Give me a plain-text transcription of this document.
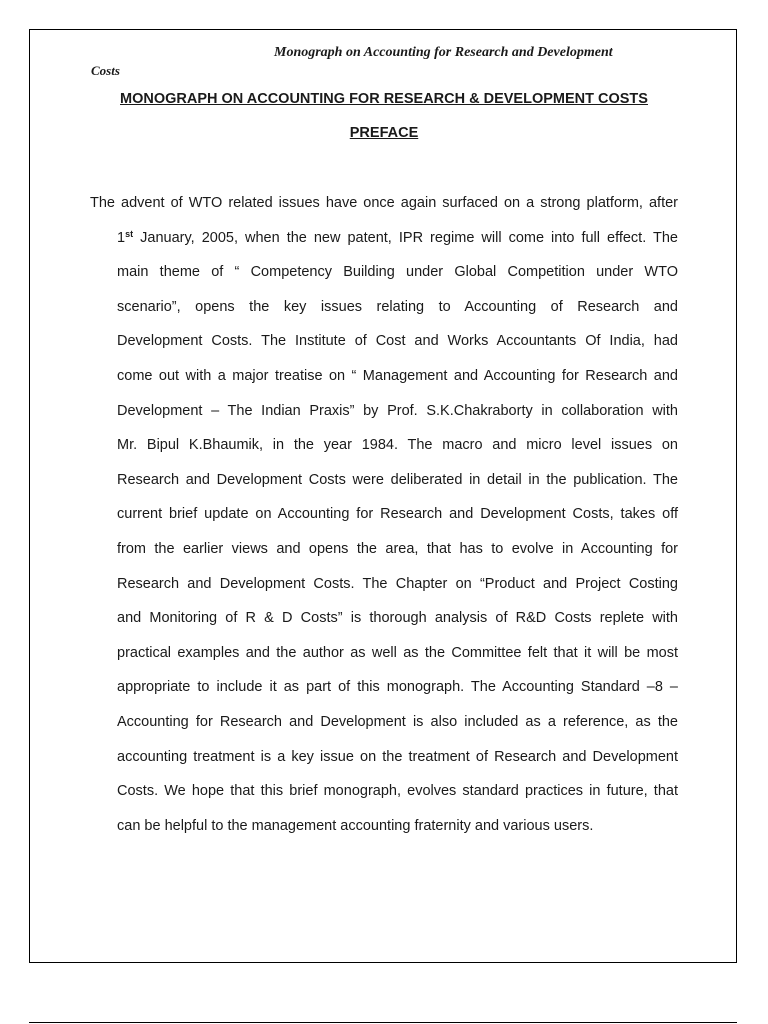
Monograph on Accounting for Research and Development
Costs
MONOGRAPH ON ACCOUNTING FOR RESEARCH & DEVELOPMENT COSTS
PREFACE
The advent of WTO related issues have once again surfaced on a strong platform, after
1st January, 2005, when the new patent, IPR regime will come into full effect. The
main theme of “ Competency Building under Global Competition under WTO
scenario”, opens the key issues relating to Accounting of Research and
Development Costs. The Institute of Cost and Works Accountants Of India, had
come out with a major treatise on “ Management and Accounting for Research and
Development – The Indian Praxis” by Prof. S.K.Chakraborty in collaboration with
Mr. Bipul K.Bhaumik, in the year 1984. The macro and micro level issues on
Research and Development Costs were deliberated in detail in the publication. The
current brief update on Accounting for Research and Development Costs, takes off
from the earlier views and opens the area, that has to evolve in Accounting for
Research and Development Costs. The Chapter on “Product and Project Costing
and Monitoring of R & D Costs” is thorough analysis of R&D Costs replete with
practical examples and the author as well as the Committee felt that it will be most
appropriate to include it as part of this monograph. The Accounting Standard –8 –
Accounting for Research and Development is also included as a reference, as the
accounting treatment is a key issue on the treatment of Research and Development
Costs. We hope that this brief monograph, evolves standard practices in future, that
can be helpful to the management accounting fraternity and various users.
